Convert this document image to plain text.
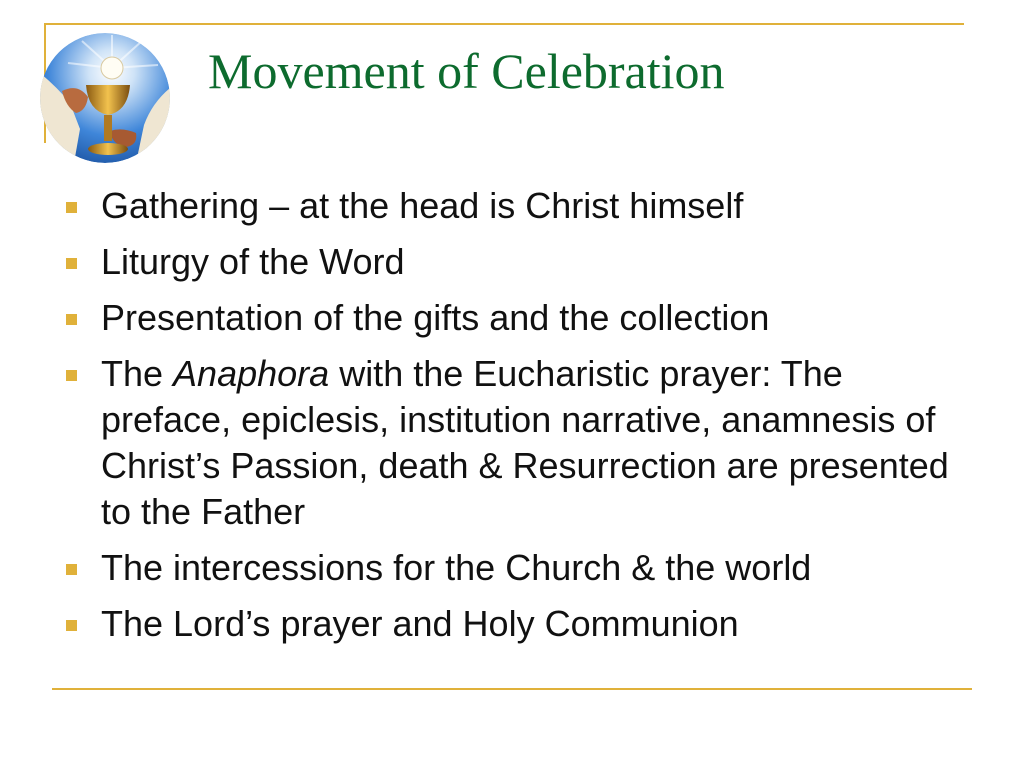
Movement of Celebration
Gathering – at the head is Christ himself
Liturgy of the Word
Presentation of the gifts and the collection
The Anaphora with the Eucharistic prayer: The preface, epiclesis, institution narrative, anamnesis of Christ’s Passion, death & Resurrection are presented to the Father
The intercessions for the Church & the world
The Lord’s prayer and Holy Communion
